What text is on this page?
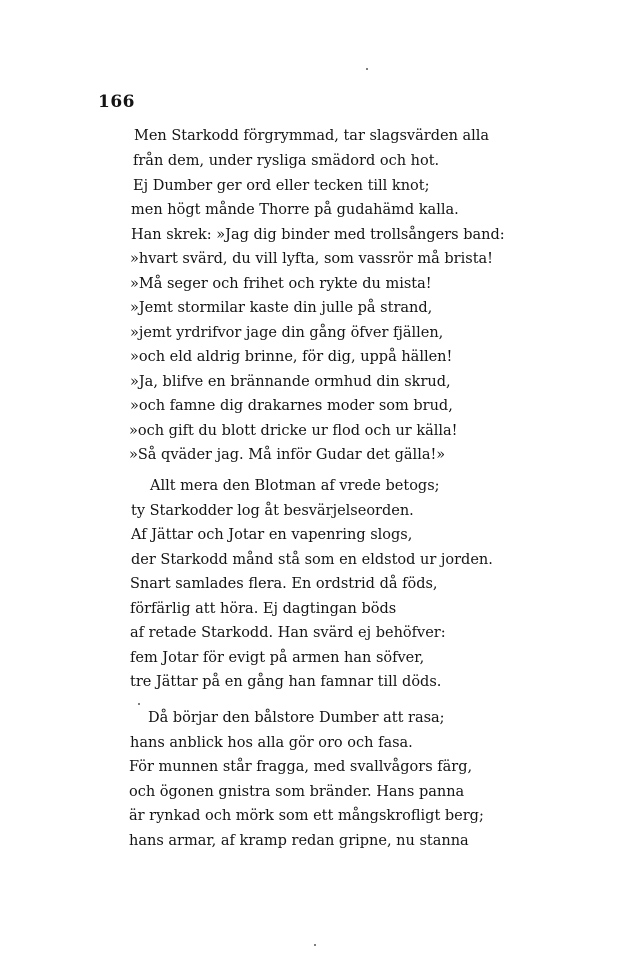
166
Men Starkodd förgrymmad, tar slagsvärden alla
från dem, under rysliga smädord och hot.
Ej Dumber ger ord eller tecken till knot;
men högt månde Thorre på gudahämd kalla.
Han skrek: »Jag dig binder med trollsångers band:
»hvart svärd, du vill lyfta, som vassrör må brista!
»Må seger och frihet och rykte du mista!
»Jemt stormilar kaste din julle på strand,
»jemt yrdrifvor jage din gång öfver fjällen,
»och eld aldrig brinne, för dig, uppå hällen!
»Ja, blifve en brännande ormhud din skrud,
»och famne dig drakarnes moder som brud,
»och gift du blott dricke ur flod och ur källa!
»Så qväder jag. Må inför Gudar det gälla!»
Allt mera den Blotman af vrede betogs;
ty Starkodder log åt besvärjelseorden.
Af Jättar och Jotar en vapenring slogs,
der Starkodd månd stå som en eldstod ur jorden.
Snart samlades flera. En ordstrid då föds,
förfärlig att höra. Ej dagtingan böds
af retade Starkodd. Han svärd ej behöfver:
fem Jotar för evigt på armen han söfver,
tre Jättar på en gång han famnar till döds.
Då börjar den bålstore Dumber att rasa;
hans anblick hos alla gör oro och fasa.
För munnen står fragga, med svallvågors färg,
och ögonen gnistra som bränder. Hans panna
är rynkad och mörk som ett mångskrofligt berg;
hans armar, af kramp redan gripne, nu stanna
